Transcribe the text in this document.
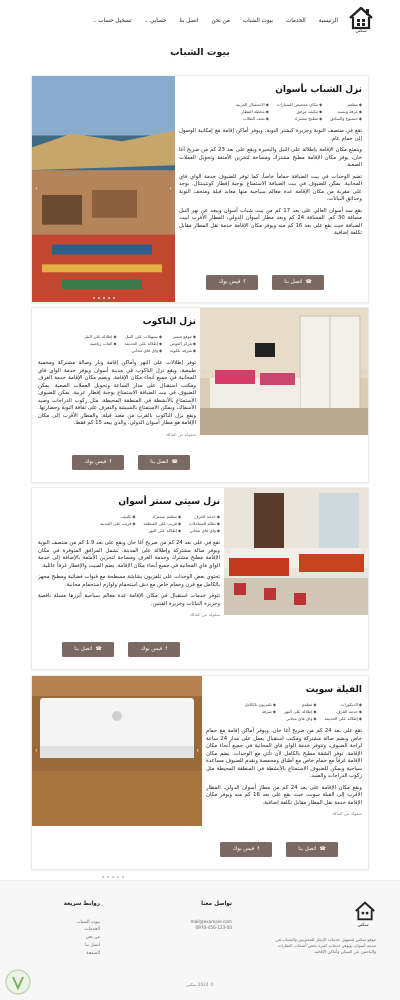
سكني
الرئيسية
الخدمات
بيوت الشباب
من نحن
اتصل بنا
حسابي ⌄
تسجيل حساب ⌄
بيوت الشباب
‹	›
نزل الشباب بأسوان
◆مطعم
◆مكان مخصص للسيارات
◆الاستقبال العربية
◆غرفة ونسبه
◆مكيف مرفق
◆محطة المطار
◆حسبوع والسائق
◆مطبخ مشترك
◆تحف الطلاب

تقع في منتصف النوبة وجزيرة كيشتر النوبة، ويوفر أماكن إقامة مع إمكانية الوصول إلى حمام عام.

ويتمتع مكان الإقامة بإطلالة على النيل والبحيرة ويقع على بعد 23 كم من ضريح أغا خان، يوفر مكان الإقامة مطبخ مشترك ومساحة لتخزين الأمتعة وتحويل العملات الصعبة.

تضم الوحدات في بيت الضيافة حماماً خاصاً، كما توفر للضيوف خدمة الواي فاي المجانية. يمكن للضيوف في بيت الضيافة الاستمتاع بوجبة إفطار كونتيننتال. يوجد على مقربة من مكان الإقامة عدة معالم سياحية منها معابد فيلة ومتحف النوبة وحدائق النباتات.

يقع سد أسوان العالي على بعد 17 كم من بيت شباب أسوان ويبعد عن نهر النيل مسافة 30 كم. المسافة 24 كم وبعد مطار أسوان الدولي، المطار الأقرب لبيت الضيافة حيث يقع على بعد 16 كم منه ويوفر مكان الإقامة خدمة نقل المطار مقابل تكلفة إضافية.

☎
اتصل بنا
f
فيس بوك
‹	›
نزل الناكوب
◆موقع متميز
◆تسهيلات على النيل
◆إطلالة على النيل
◆مركز الغوص
◆إطلالة على الحديقة
◆العاب رياضية
◆شرفة بلكونه
◆واي فاي مجاني

توفر إطلالات على النهر وأماكن إقامة وبار وصالة مشتركة ومحمية طبيعية، ويقع نزل الناكوب في مدينة أسوان ويوفر خدمة الواي فاي المجانية في جميع أنحاء مكان الإقامة. ويضم مكان الإقامة خدمة الغرف ومكتب استقبال على مدار الساعة وتحويل العملات الصعبة. يمكن للضيوف في بيت الضيافة الاستمتاع بوجبة إفطار عربية. يمكن للضيوف الاستمتاع بالأنشطة في المنطقة المحيطة، مثل ركوب الدراجات وصيد الأسماك، ويمكن الاستمتاع بالشيشة والتعرف على ثقافة النوبة وحضارتها. ويقع نزل الناكوب بالقرب من معبد فيلة. والمطار الأقرب إلى مكان الإقامة هو مطار أسوان الدولي، والذي يبعد 15 كم فقط.

منقولة من المالك
☎
اتصل بنا
f
فيس بوك
‹	›
نزل سيتي سنتر أسوان
◆خدمة الغرف
◆مطعم مشترك
◆تكييف
◆نظام للمعاملات
◆قريب على المنطقة
◆قريب على المدينة
◆واي فاي مجاني
◆إطلالة على النهر

تقع في على بعد 24 كم من ضريح أغا خان ويقع على بعد 1.9 كم من منتصف النوبة ويوفر صالة مشتركة وإطلالة على المدينة. تشمل المرافق المتوفرة في مكان الإقامة مطبخ مشترك وخدمة الغرف ومساحة لتخزين الأمتعة بالإضافة إلى خدمة الواي فاي المجانية في جميع أنحاء مكان الإقامة. يضم المبيت والإفطار غرفاً عائلية.

تحتوي بعض الوحدات على تلفزيون بشاشة مسطحة مع قنوات فضائية ومطبخ مجهز بالكامل مع فرن وحمام خاص مع دش استحمام ولوازم استحمام مجانية.

تتوفر خدمات استقبال في مكان الإقامة عدة معالم سياحية أبرزها مسلة ناقصة وجزيرة النباتات وجزيرة الفنتين.

منقولة من المالك
f
فيس بوك
☎
اتصل بنا
‹	›
الفيلة سويت
◆الديكورات
◆مطعم
◆تلفزيون بالكامل
◆خدمة الغرف
◆إطلالة على النهر
◆شرفة
◆إطلالة على الحديقة
◆واي فاي مجاني

تقع على بعد 24 كم من ضريح أغا خان، ويوفر أماكن إقامة مع حمام خاص ويضم صالة مشتركة ومكتب استقبال يعمل على مدار 24 ساعة لراحة الضيوف، وتتوفر خدمة الواي فاي المجانية في جميع أنحاء مكان الإقامة. توفر الشقة مطبخ بالكامل لأن تأتي مع الوحدات. يضم مكان الإقامة غرفاً مع حمام خاص مع أطباق ومحمصة ويقدم للضيوف مساعدة سياحية ويمكن للضيوف الاستمتاع بالأنشطة في المنطقة المحيطة مثل ركوب الدراجات والصيد.

ويقع مكان الإقامة على بعد 24 كم من مطار أسوان الدولي، المطار الأقرب إلى الفيلة سويت حيث يقع على بعد 16 كم منه ويوفر مكان الإقامة خدمة نقل المطار مقابل تكلفة إضافية.

منقولة من المالك
☎
اتصل بنا
f
فيس بوك
سكني

موقع سكني لتسهيل خدمات الإيجار للمغتربين والشباب في مدينة أسوان، ويوفر خدمات كثيرة تخص أصحاب العقارات والباحثين عن السكن وأماكن الإقامة.

تواصل معنا
mail@example.com
0970-456-123-00
روابط سريعة
بيوت الشباب
الخدمات
من نحن
اتصل بنا
الصفحة
© 2024 سكني
